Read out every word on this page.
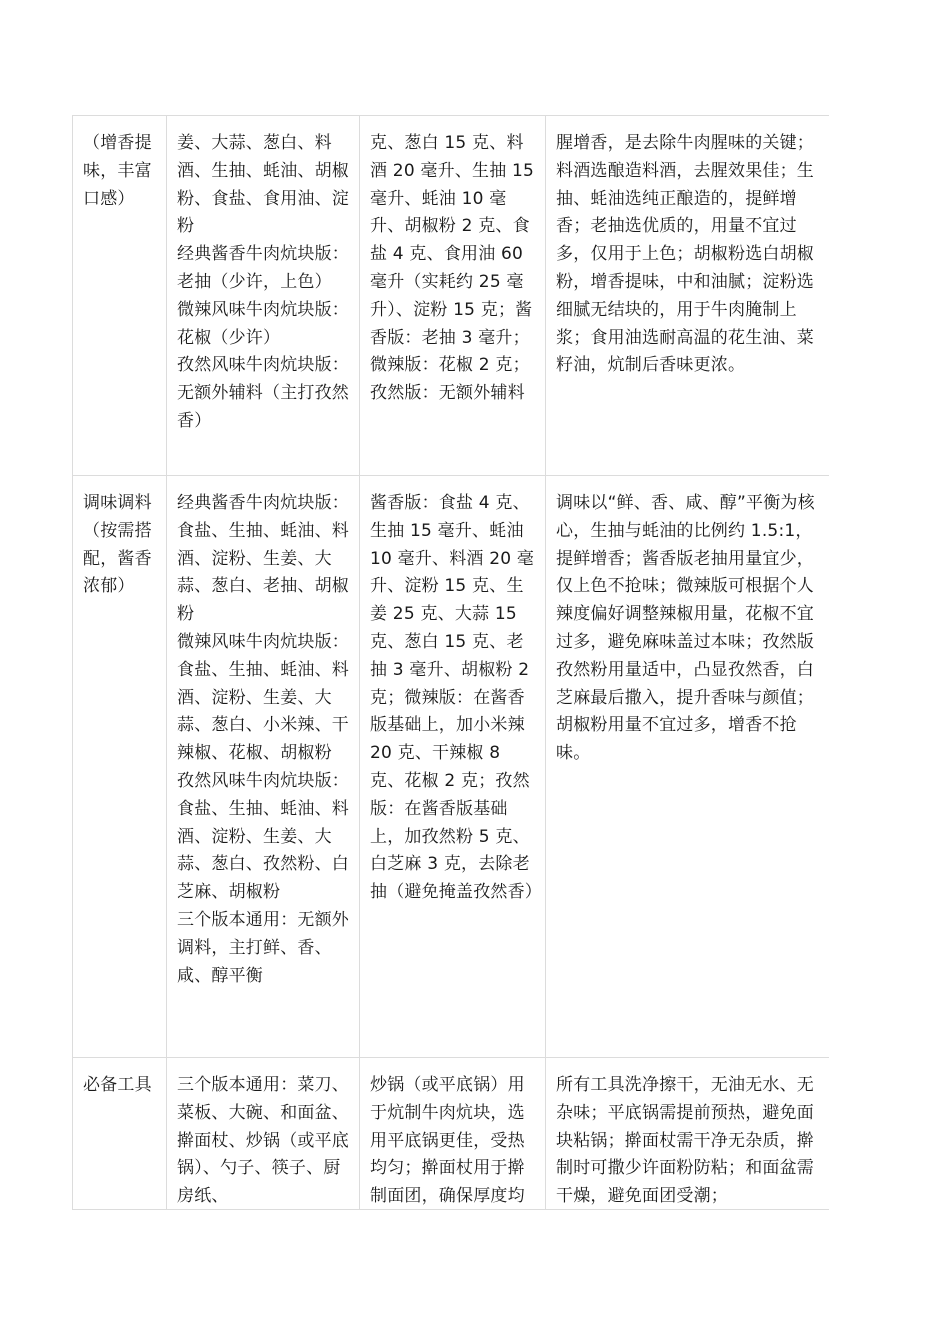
（增香提味，丰富口感）	姜、大蒜、葱白、料酒、生抽、蚝油、胡椒粉、食盐、食用油、淀粉
经典酱香牛肉炕块版：老抽（少许，上色）
微辣风味牛肉炕块版：花椒（少许）
孜然风味牛肉炕块版：无额外辅料（主打孜然香）	克、葱白 15 克、料酒 20 毫升、生抽 15 毫升、蚝油 10 毫升、胡椒粉 2 克、食盐 4 克、食用油 60 毫升（实耗约 25 毫升）、淀粉 15 克；酱香版：老抽 3 毫升；微辣版：花椒 2 克；孜然版：无额外辅料	腥增香，是去除牛肉腥味的关键；料酒选酿造料酒，去腥效果佳；生抽、蚝油选纯正酿造的，提鲜增香；老抽选优质的，用量不宜过多，仅用于上色；胡椒粉选白胡椒粉，增香提味，中和油腻；淀粉选细腻无结块的，用于牛肉腌制上浆；食用油选耐高温的花生油、菜籽油，炕制后香味更浓。
调味调料（按需搭配，酱香浓郁）	经典酱香牛肉炕块版：食盐、生抽、蚝油、料酒、淀粉、生姜、大蒜、葱白、老抽、胡椒粉
微辣风味牛肉炕块版：食盐、生抽、蚝油、料酒、淀粉、生姜、大蒜、葱白、小米辣、干辣椒、花椒、胡椒粉
孜然风味牛肉炕块版：食盐、生抽、蚝油、料酒、淀粉、生姜、大蒜、葱白、孜然粉、白芝麻、胡椒粉
三个版本通用：无额外调料，主打鲜、香、咸、醇平衡	酱香版：食盐 4 克、生抽 15 毫升、蚝油 10 毫升、料酒 20 毫升、淀粉 15 克、生姜 25 克、大蒜 15 克、葱白 15 克、老抽 3 毫升、胡椒粉 2 克；微辣版：在酱香版基础上，加小米辣 20 克、干辣椒 8 克、花椒 2 克；孜然版：在酱香版基础上，加孜然粉 5 克、白芝麻 3 克，去除老抽（避免掩盖孜然香）	调味以“鲜、香、咸、醇”平衡为核心，生抽与蚝油的比例约 1.5:1，提鲜增香；酱香版老抽用量宜少，仅上色不抢味；微辣版可根据个人辣度偏好调整辣椒用量，花椒不宜过多，避免麻味盖过本味；孜然版孜然粉用量适中，凸显孜然香，白芝麻最后撒入，提升香味与颜值；胡椒粉用量不宜过多，增香不抢味。
必备工具	三个版本通用：菜刀、菜板、大碗、和面盆、擀面杖、炒锅（或平底锅）、勺子、筷子、厨房纸、	炒锅（或平底锅）用于炕制牛肉炕块，选用平底锅更佳，受热均匀；擀面杖用于擀制面团，确保厚度均	所有工具洗净擦干，无油无水、无杂味；平底锅需提前预热，避免面块粘锅；擀面杖需干净无杂质，擀制时可撒少许面粉防粘；和面盆需干燥，避免面团受潮；
